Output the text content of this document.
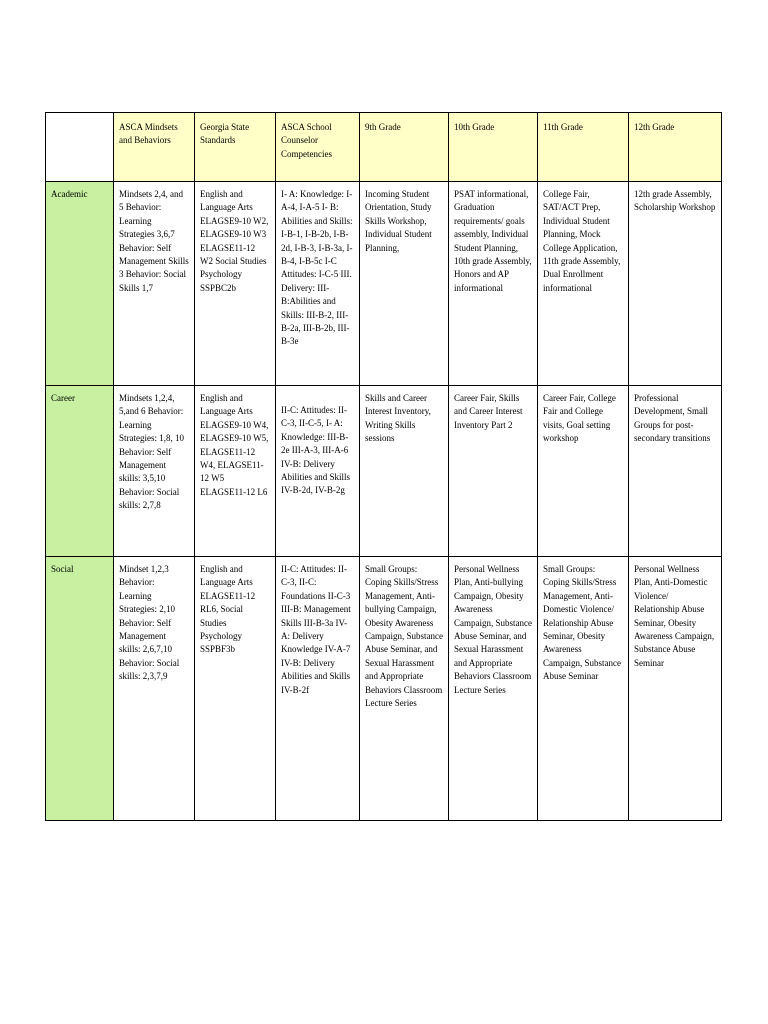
	ASCA Mindsets and Behaviors	Georgia State Standards	ASCA School Counselor Competencies	9th Grade	10th Grade	11th Grade	12th Grade
Academic	Mindsets 2,4, and 5 Behavior: Learning Strategies 3,6,7 Behavior: Self Management Skills 3 Behavior: Social Skills 1,7	English and Language Arts ELAGSE9-10 W2, ELAGSE9-10 W3 ELAGSE11-12 W2 Social Studies Psychology SSPBC2b	I- A: Knowledge: I-A-4, I-A-5 I- B: Abilities and Skills: I-B-1, I-B-2b, I-B-2d, I-B-3, I-B-3a, I-B-4, I-B-5c I-C Attitudes: I-C-5 III. Delivery: III-B:Abilities and Skills: III-B-2, III-B-2a, III-B-2b, III-B-3e	Incoming Student Orientation, Study Skills Workshop, Individual Student Planning,	PSAT informational, Graduation requirements/ goals assembly, Individual Student Planning, 10th grade Assembly, Honors and AP informational	College Fair, SAT/ACT Prep, Individual Student Planning, Mock College Application, 11th grade Assembly, Dual Enrollment informational	12th grade Assembly, Scholarship Workshop
Career	Mindsets 1,2,4, 5,and 6 Behavior: Learning Strategies: 1,8, 10 Behavior: Self Management skills: 3,5,10 Behavior: Social skills: 2,7,8	English and Language Arts ELAGSE9-10 W4, ELAGSE9-10 W5, ELAGSE11-12 W4, ELAGSE11-12 W5 ELAGSE11-12 L6	II-C: Attitudes: II-C-3, II-C-5, I- A: Knowledge: III-B-2e III-A-3, III-A-6 IV-B: Delivery Abilities and Skills IV-B-2d, IV-B-2g	Skills and Career Interest Inventory, Writing Skills sessions	Career Fair, Skills and Career Interest Inventory Part 2	Career Fair, College Fair and College visits, Goal setting workshop	Professional Development, Small Groups for post-secondary transitions
Social	Mindset 1,2,3 Behavior: Learning Strategies: 2,10 Behavior: Self Management skills: 2,6,7,10 Behavior: Social skills: 2,3,7,9	English and Language Arts ELAGSE11-12 RL6, Social Studies Psychology SSPBF3b	II-C: Attitudes: II-C-3, II-C: Foundations II-C-3 III-B: Management Skills III-B-3a IV-A: Delivery Knowledge IV-A-7 IV-B: Delivery Abilities and Skills IV-B-2f	Small Groups: Coping Skills/Stress Management, Anti-bullying Campaign, Obesity Awareness Campaign, Substance Abuse Seminar, and Sexual Harassment and Appropriate Behaviors Classroom Lecture Series	Personal Wellness Plan, Anti-bullying Campaign, Obesity Awareness Campaign, Substance Abuse Seminar, and Sexual Harassment and Appropriate Behaviors Classroom Lecture Series	Small Groups: Coping Skills/Stress Management, Anti-Domestic Violence/ Relationship Abuse Seminar, Obesity Awareness Campaign, Substance Abuse Seminar	Personal Wellness Plan, Anti-Domestic Violence/ Relationship Abuse Seminar, Obesity Awareness Campaign, Substance Abuse Seminar
